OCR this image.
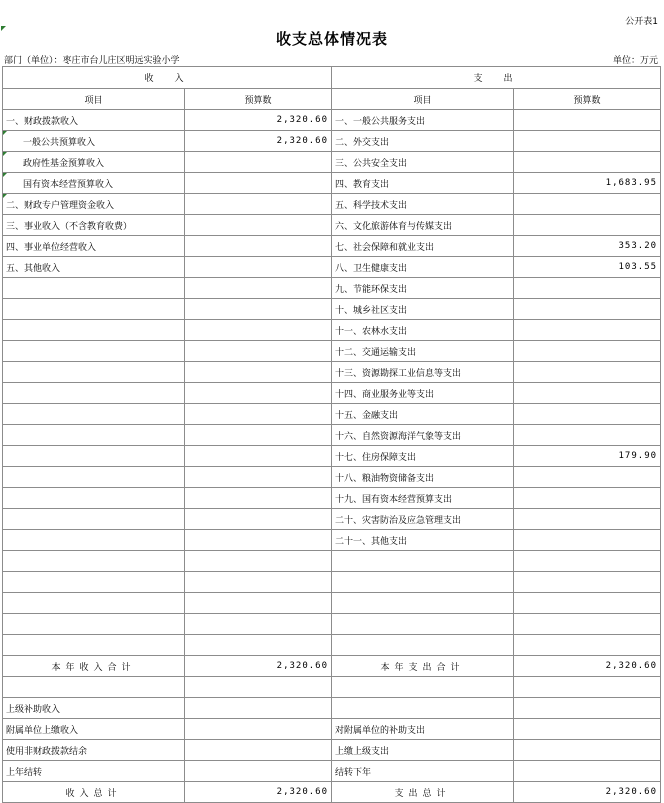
公开表1
收支总体情况表
部门（单位）：枣庄市台儿庄区明远实验小学	单位：万元
收　入		支　出	
项目	预算数	项目	预算数
一、财政拨款收入	2,320.60	一、一般公共服务支出	
一般公共预算收入	2,320.60	二、外交支出	
政府性基金预算收入		三、公共安全支出	
国有资本经营预算收入		四、教育支出	1,683.95
二、财政专户管理资金收入		五、科学技术支出	
三、事业收入（不含教育收费）		六、文化旅游体育与传媒支出	
四、事业单位经营收入		七、社会保障和就业支出	353.20
五、其他收入		八、卫生健康支出	103.55
		九、节能环保支出	
		十、城乡社区支出	
		十一、农林水支出	
		十二、交通运输支出	
		十三、资源勘探工业信息等支出	
		十四、商业服务业等支出	
		十五、金融支出	
		十六、自然资源海洋气象等支出	
		十七、住房保障支出	179.90
		十八、粮油物资储备支出	
		十九、国有资本经营预算支出	
		二十、灾害防治及应急管理支出	
		二十一、其他支出	

本年收入合计	2,320.60	本年支出合计	2,320.60

上级补助收入			
附属单位上缴收入		对附属单位的补助支出	
使用非财政拨款结余		上缴上级支出	
上年结转		结转下年	
收入总计	2,320.60	支出总计	2,320.60
